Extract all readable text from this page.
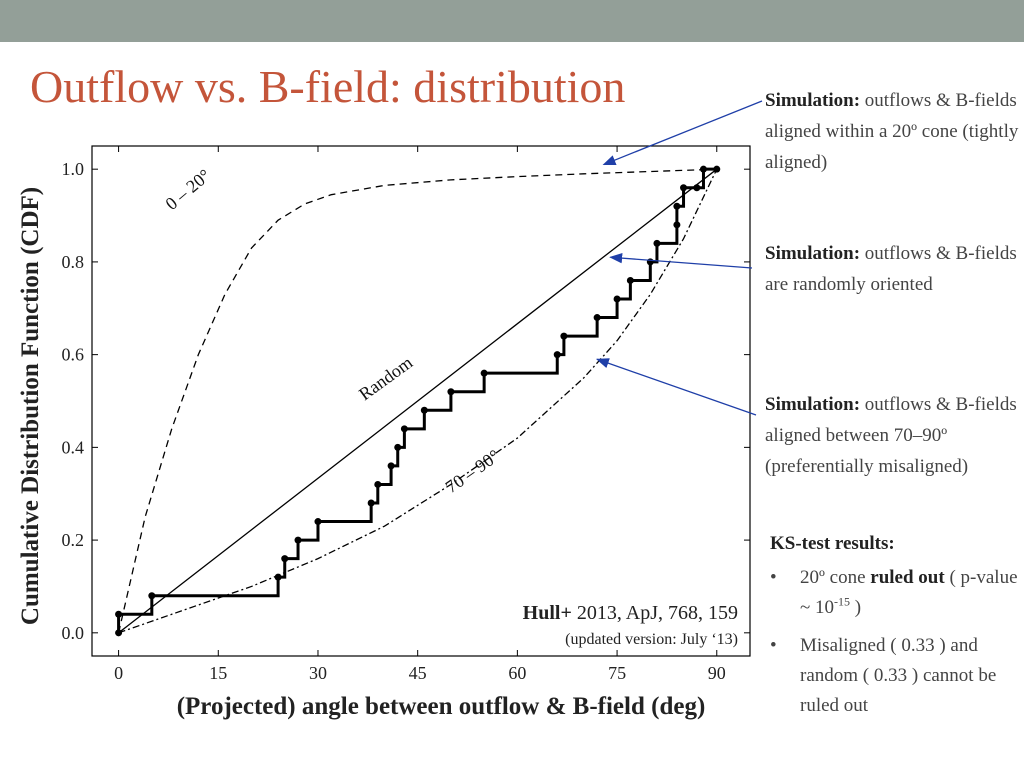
Outflow vs. B-field: distribution
0	15	30	45	60	75	90
0.0
0.2
0.4
0.6
0.8
1.0
(Projected) angle between outflow & B-field (deg)
Cumulative Distribution Function (CDF)	0 – 20°
Random
70 – 90°
Hull+ 2013, ApJ, 768, 159
(updated version: July ‘13)
Simulation: outflows & B-fields aligned within a 20º cone (tightly aligned)
Simulation: outflows & B-fields are randomly oriented
Simulation: outflows & B-fields aligned between 70–90º (preferentially misaligned)
KS-test results:
• 20º cone ruled out ( p-value ~ $10^{-15}$ )
• Misaligned ( 0.33 ) and random ( 0.33 ) cannot be ruled out
